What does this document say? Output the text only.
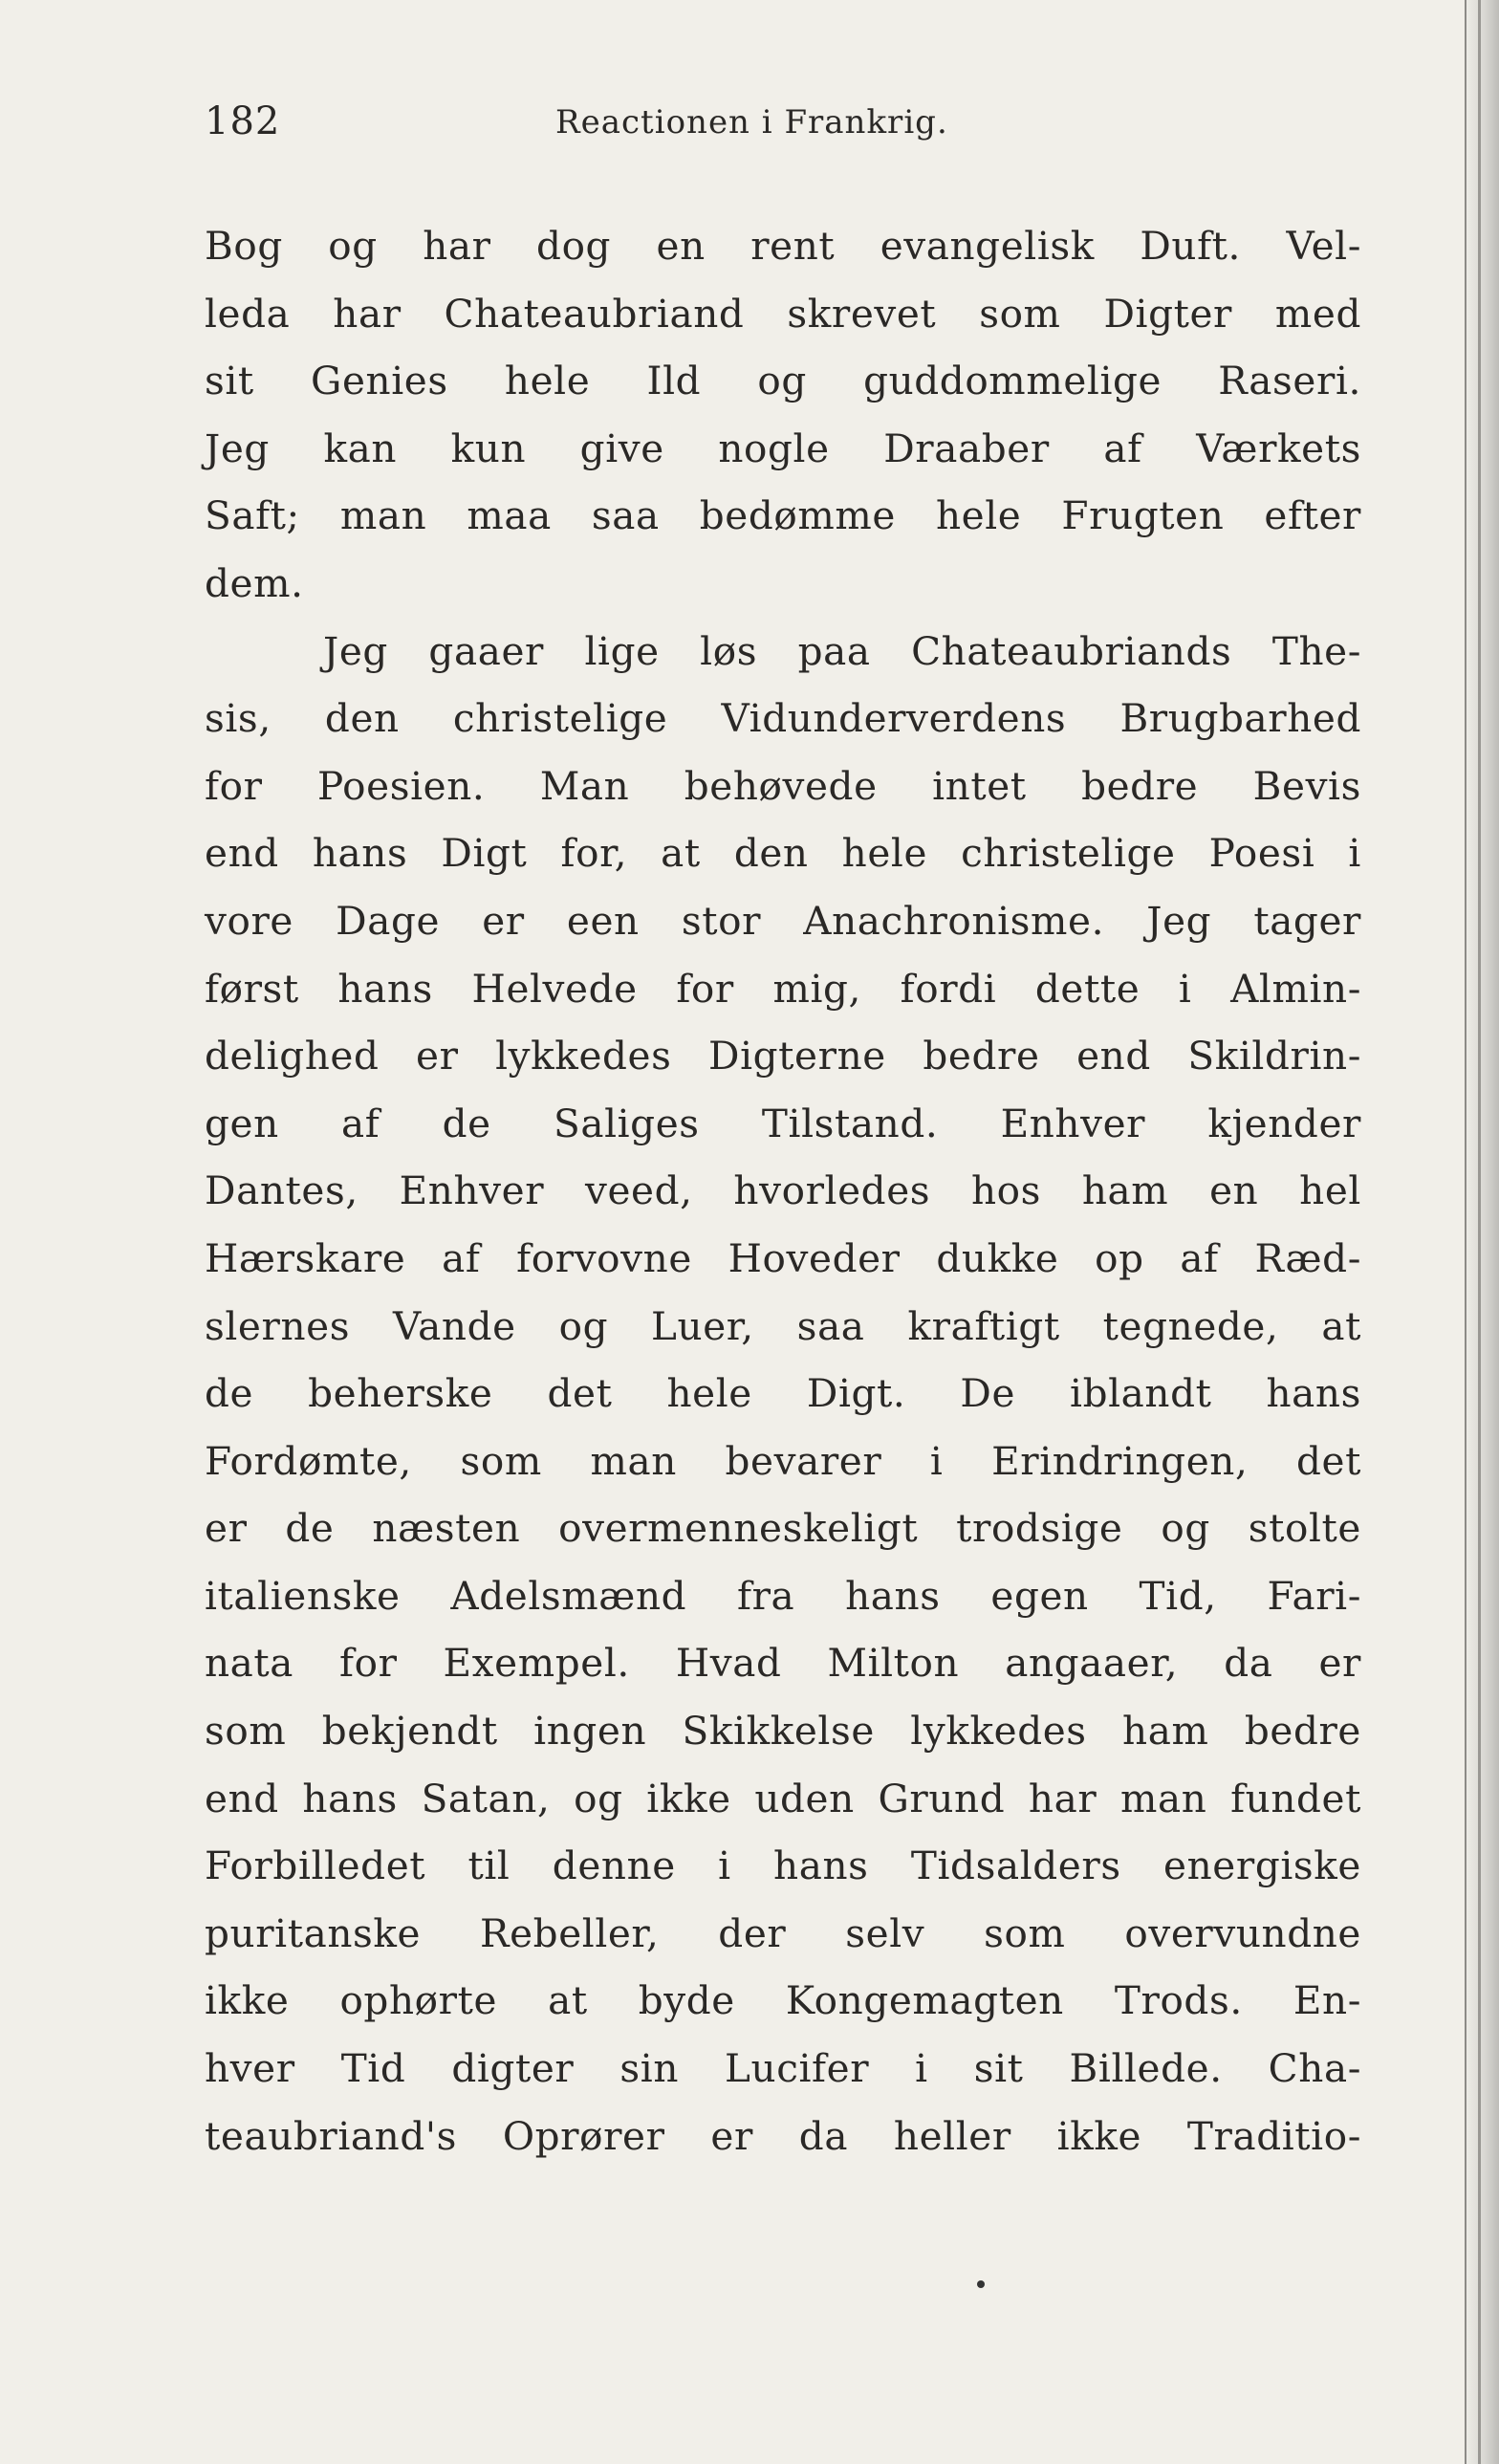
182	Reactionen i Frankrig.
Bog og har dog en rent evangelisk Duft. Vel-
leda har Chateaubriand skrevet som Digter med
sit Genies hele Ild og guddommelige Raseri.
Jeg kan kun give nogle Draaber af Værkets
Saft; man maa saa bedømme hele Frugten efter
dem.
Jeg gaaer lige løs paa Chateaubriands The-
sis, den christelige Vidunderverdens Brugbarhed
for Poesien. Man behøvede intet bedre Bevis
end hans Digt for, at den hele christelige Poesi i
vore Dage er een stor Anachronisme. Jeg tager
først hans Helvede for mig, fordi dette i Almin-
delighed er lykkedes Digterne bedre end Skildrin-
gen af de Saliges Tilstand. Enhver kjender
Dantes, Enhver veed, hvorledes hos ham en hel
Hærskare af forvovne Hoveder dukke op af Ræd-
slernes Vande og Luer, saa kraftigt tegnede, at
de beherske det hele Digt. De iblandt hans
Fordømte, som man bevarer i Erindringen, det
er de næsten overmenneskeligt trodsige og stolte
italienske Adelsmænd fra hans egen Tid, Fari-
nata for Exempel. Hvad Milton angaaer, da er
som bekjendt ingen Skikkelse lykkedes ham bedre
end hans Satan, og ikke uden Grund har man fundet
Forbilledet til denne i hans Tidsalders energiske
puritanske Rebeller, der selv som overvundne
ikke ophørte at byde Kongemagten Trods. En-
hver Tid digter sin Lucifer i sit Billede. Cha-
teaubriand's Oprører er da heller ikke Traditio-
